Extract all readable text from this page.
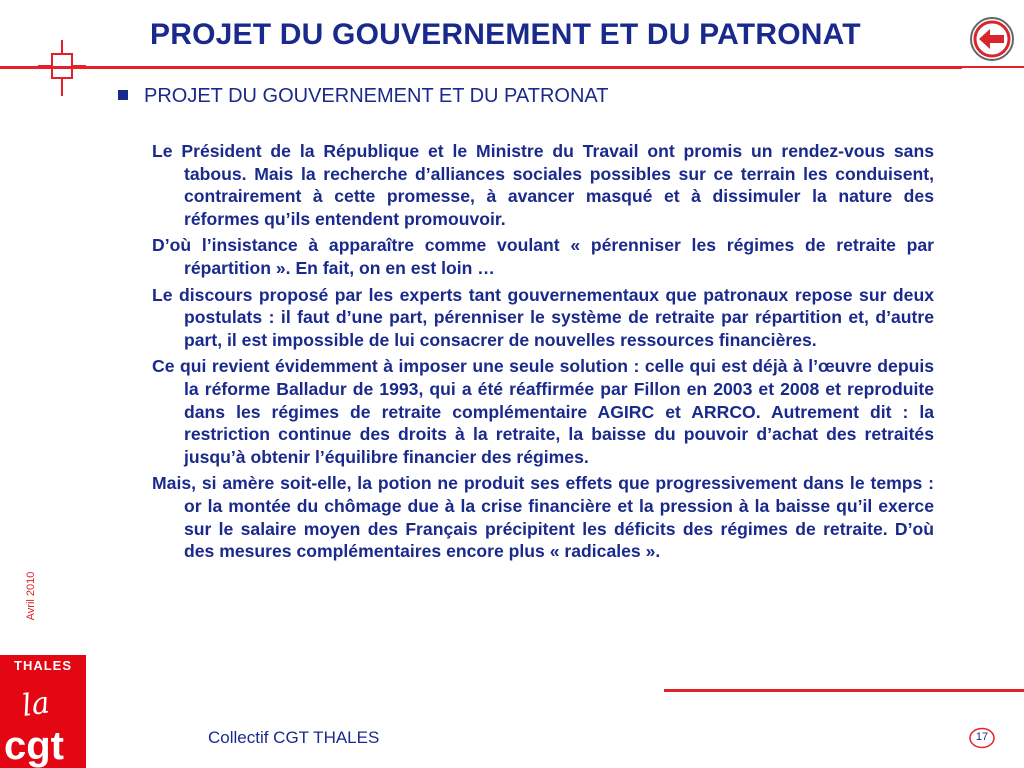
PROJET DU GOUVERNEMENT ET DU PATRONAT
PROJET DU GOUVERNEMENT ET DU PATRONAT

Le Président de la République et le Ministre du Travail ont promis un rendez-vous sans tabous. Mais la recherche d’alliances sociales possibles sur ce terrain les conduisent, contrairement à cette promesse, à avancer masqué et à dissimuler la nature des réformes qu’ils entendent promouvoir.

D’où l’insistance à apparaître comme voulant « pérenniser les régimes de retraite par répartition ». En fait, on en est loin …

Le discours proposé par les experts tant gouvernementaux que patronaux repose sur deux postulats : il faut d’une part, pérenniser le système de retraite par répartition et, d’autre part, il est impossible de lui consacrer de nouvelles ressources financières.

Ce qui revient évidemment à imposer une seule solution : celle qui est déjà à l’œuvre depuis la réforme Balladur de 1993, qui a été réaffirmée par Fillon en 2003 et 2008 et reproduite dans les régimes de retraite complémentaire AGIRC et ARRCO. Autrement dit : la restriction continue des droits à la retraite, la baisse du pouvoir d’achat des retraités jusqu’à obtenir l’équilibre financier des régimes.

Mais, si amère soit-elle, la potion ne produit ses effets que progressivement dans le temps : or la montée du chômage due à la crise financière et la pression à la baisse qu’il exerce sur le salaire moyen des Français précipitent les déficits des régimes de retraite. D’où des mesures complémentaires encore plus « radicales ».

Avril 2010
THALES
la
cgt	Collectif CGT THALES	17
